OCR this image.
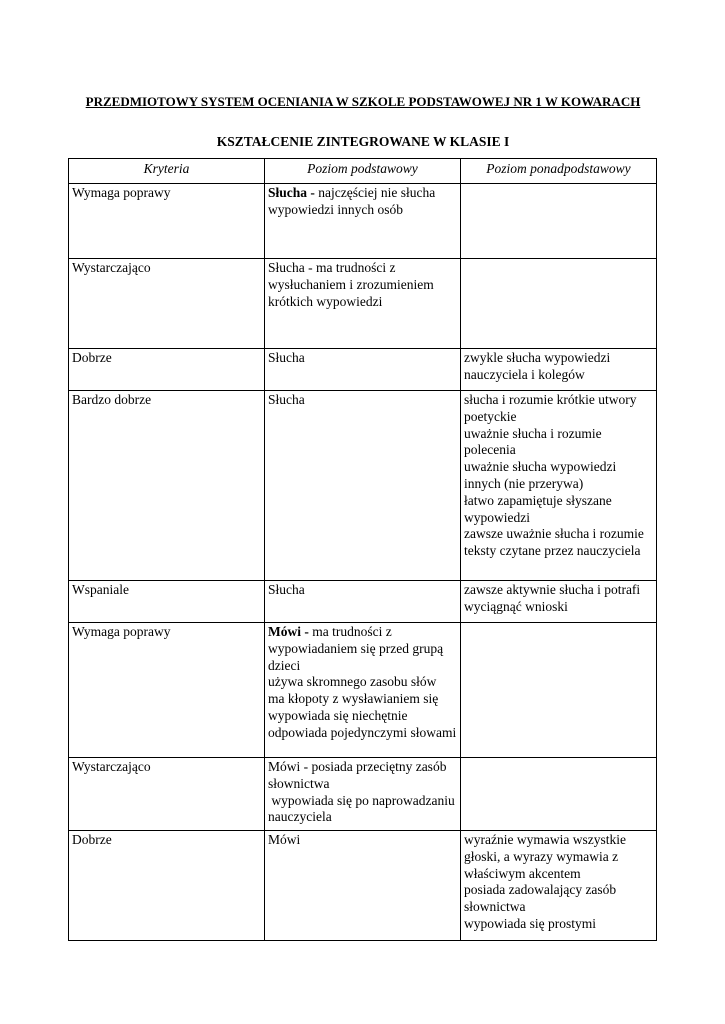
PRZEDMIOTOWY SYSTEM OCENIANIA W SZKOLE PODSTAWOWEJ NR 1 W KOWARACH
KSZTAŁCENIE ZINTEGROWANE W KLASIE I
Kryteria	Poziom podstawowy	Poziom ponadpodstawowy
Wymaga poprawy	Słucha - najczęściej nie słucha wypowiedzi innych osób	

Wystarczająco	Słucha - ma trudności z wysłuchaniem i zrozumieniem krótkich wypowiedzi	

Dobrze	Słucha	zwykle słucha wypowiedzi nauczyciela i kolegów

Bardzo dobrze	Słucha	słucha i rozumie krótkie utwory poetyckie
uważnie słucha i rozumie polecenia
uważnie słucha wypowiedzi innych (nie przerywa)
łatwo zapamiętuje słyszane wypowiedzi
zawsze uważnie słucha i rozumie teksty czytane przez nauczyciela

Wspaniale	Słucha	zawsze aktywnie słucha i potrafi wyciągnąć wnioski

Wymaga poprawy	Mówi - ma trudności z wypowiadaniem się przed grupą dzieci
używa skromnego zasobu słów
ma kłopoty z wysławianiem się
wypowiada się niechętnie
odpowiada pojedynczymi słowami	

Wystarczająco	Mówi - posiada przeciętny zasób słownictwa
wypowiada się po naprowadzaniu nauczyciela	

Dobrze	Mówi	wyraźnie wymawia wszystkie głoski, a wyrazy wymawia z właściwym akcentem
posiada zadowalający zasób słownictwa
wypowiada się prostymi
